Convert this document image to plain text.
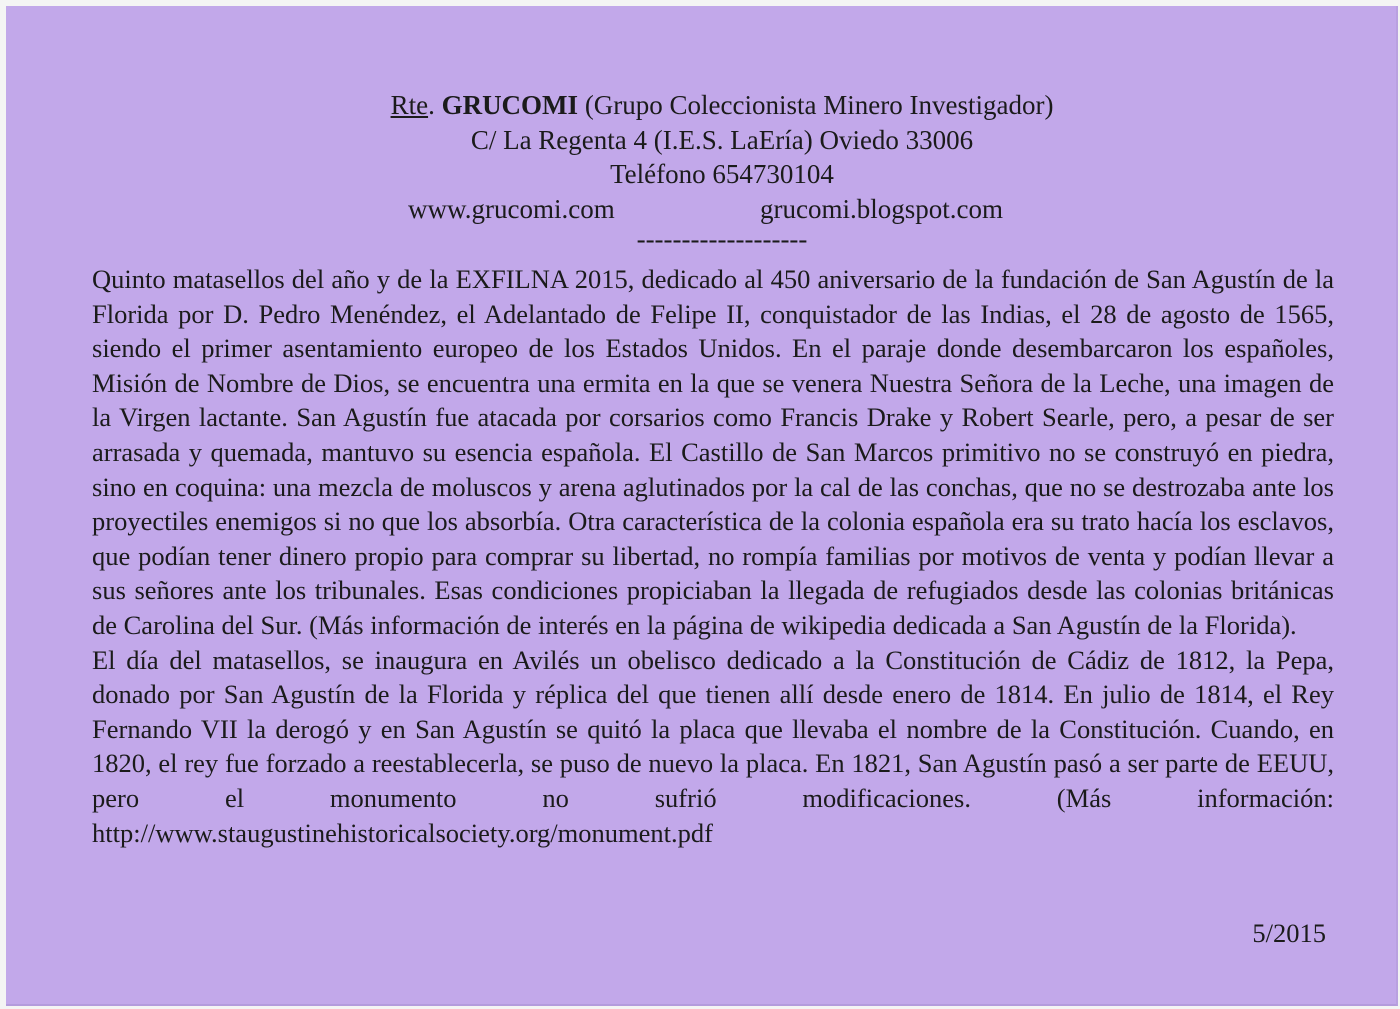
Rte. GRUCOMI (Grupo Coleccionista Minero Investigador)
C/ La Regenta 4 (I.E.S. LaEría) Oviedo 33006
Teléfono 654730104
www.grucomi.com	grucomi.blogspot.com
-------------------

Quinto matasellos del año y de la EXFILNA 2015, dedicado al 450 aniversario de la fundación de San Agustín de la Florida por D. Pedro Menéndez, el Adelantado de Felipe II, conquistador de las Indias, el 28 de agosto de 1565, siendo el primer asentamiento europeo de los Estados Unidos. En el paraje donde desembarcaron los españoles, Misión de Nombre de Dios, se encuentra una ermita en la que se venera Nuestra Señora de la Leche, una imagen de la Virgen lactante. San Agustín fue atacada por corsarios como Francis Drake y Robert Searle, pero, a pesar de ser arrasada y quemada, mantuvo su esencia española. El Castillo de San Marcos primitivo no se construyó en piedra, sino en coquina: una mezcla de moluscos y arena aglutinados por la cal de las conchas, que no se destrozaba ante los proyectiles enemigos si no que los absorbía. Otra característica de la colonia española era su trato hacía los esclavos, que podían tener dinero propio para comprar su libertad, no rompía familias por motivos de venta y podían llevar a sus señores ante los tribunales. Esas condiciones propiciaban la llegada de refugiados desde las colonias británicas de Carolina del Sur. (Más información de interés en la página de wikipedia dedicada a San Agustín de la Florida).

El día del matasellos, se inaugura en Avilés un obelisco dedicado a la Constitución de Cádiz de 1812, la Pepa, donado por San Agustín de la Florida y réplica del que tienen allí desde enero de 1814. En julio de 1814, el Rey Fernando VII la derogó y en San Agustín se quitó la placa que llevaba el nombre de la Constitución. Cuando, en 1820, el rey fue forzado a reestablecerla, se puso de nuevo la placa. En 1821, San Agustín pasó a ser parte de EEUU, pero el monumento no sufrió modificaciones. (Más información: http://www.staugustinehistoricalsociety.org/monument.pdf

5/2015
